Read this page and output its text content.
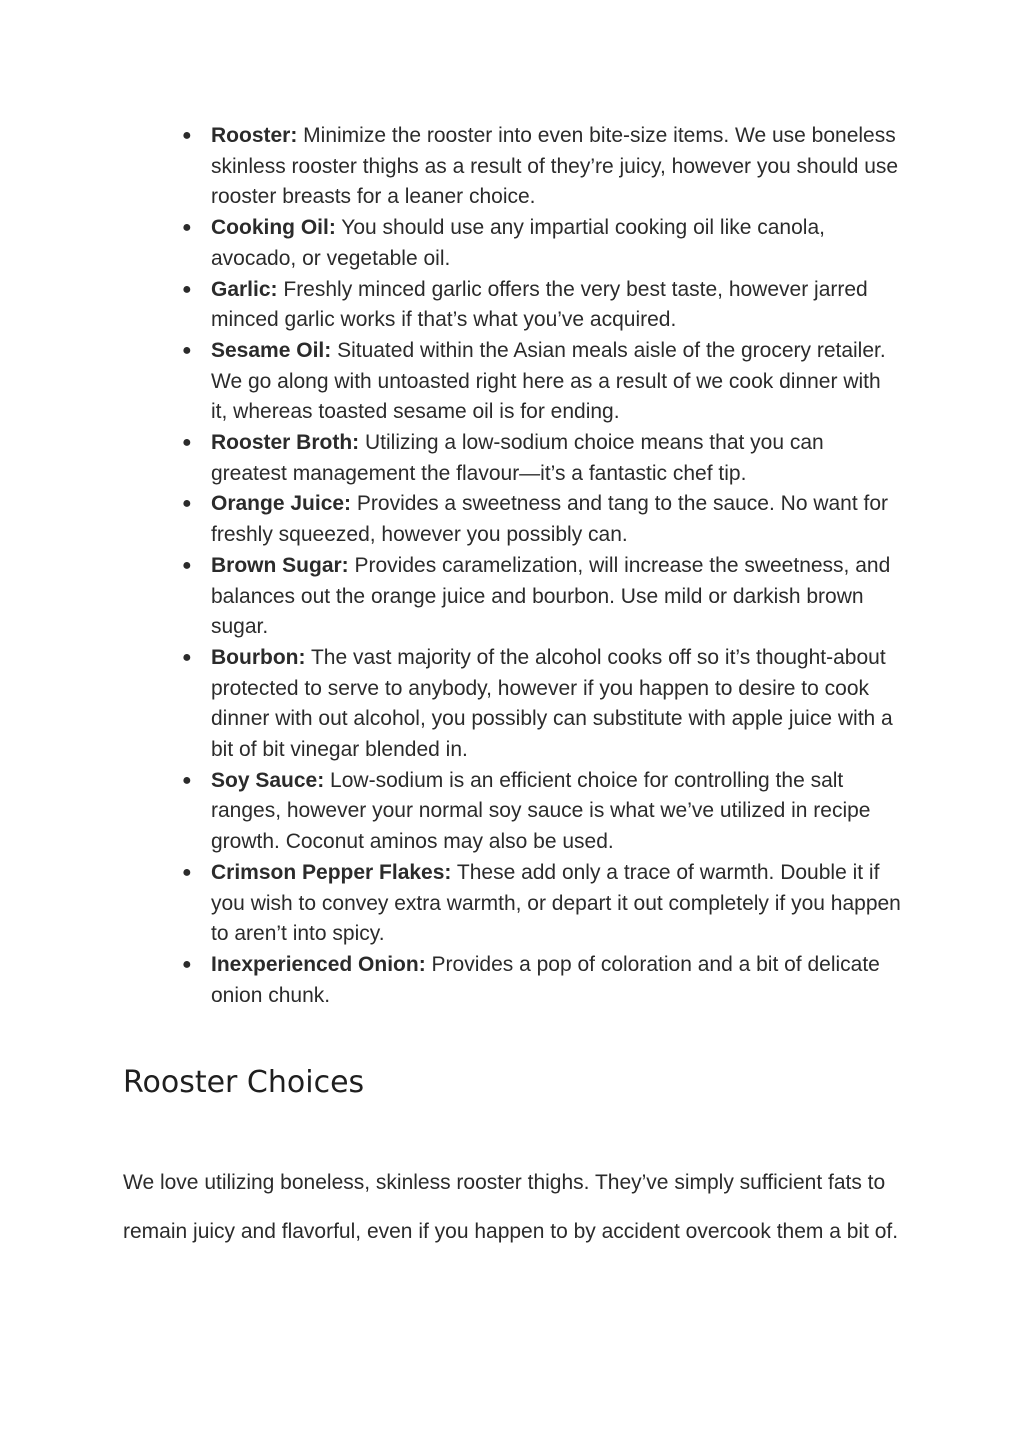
● Rooster: Minimize the rooster into even bite-size items. We use boneless skinless rooster thighs as a result of they’re juicy, however you should use rooster breasts for a leaner choice.
● Cooking Oil: You should use any impartial cooking oil like canola, avocado, or vegetable oil.
● Garlic: Freshly minced garlic offers the very best taste, however jarred minced garlic works if that’s what you’ve acquired.
● Sesame Oil: Situated within the Asian meals aisle of the grocery retailer. We go along with untoasted right here as a result of we cook dinner with it, whereas toasted sesame oil is for ending.
● Rooster Broth: Utilizing a low-sodium choice means that you can greatest management the flavour—it’s a fantastic chef tip.
● Orange Juice: Provides a sweetness and tang to the sauce. No want for freshly squeezed, however you possibly can.
● Brown Sugar: Provides caramelization, will increase the sweetness, and balances out the orange juice and bourbon. Use mild or darkish brown sugar.
● Bourbon: The vast majority of the alcohol cooks off so it’s thought-about protected to serve to anybody, however if you happen to desire to cook dinner with out alcohol, you possibly can substitute with apple juice with a bit of bit vinegar blended in.
● Soy Sauce: Low-sodium is an efficient choice for controlling the salt ranges, however your normal soy sauce is what we’ve utilized in recipe growth. Coconut aminos may also be used.
● Crimson Pepper Flakes: These add only a trace of warmth. Double it if you wish to convey extra warmth, or depart it out completely if you happen to aren’t into spicy.
● Inexperienced Onion: Provides a pop of coloration and a bit of delicate onion chunk.
Rooster Choices

We love utilizing boneless, skinless rooster thighs. They’ve simply sufficient fats to remain juicy and flavorful, even if you happen to by accident overcook them a bit of.
